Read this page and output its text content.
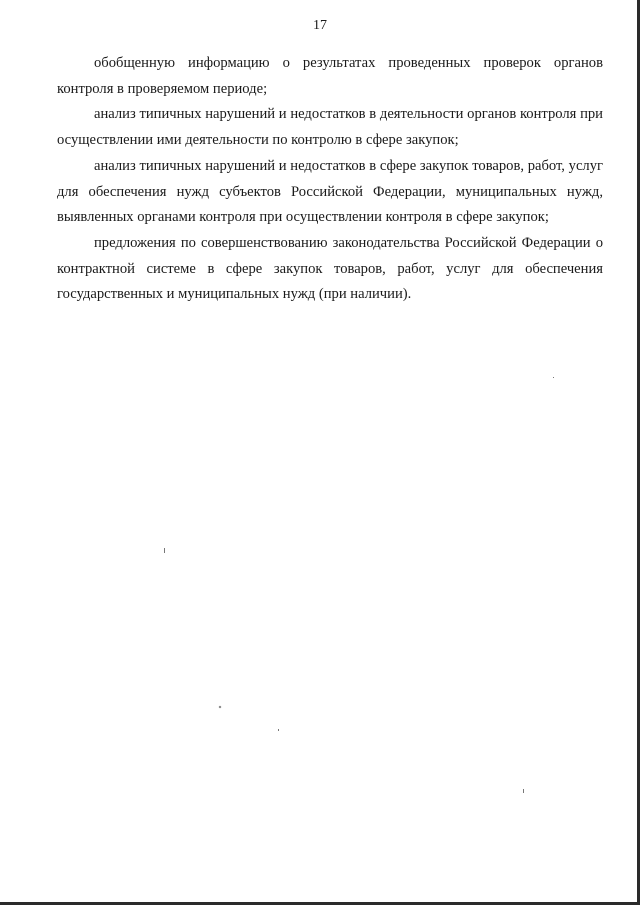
17

обобщенную информацию о результатах проведенных проверок органов контроля в проверяемом периоде;

анализ типичных нарушений и недостатков в деятельности органов контроля при осуществлении ими деятельности по контролю в сфере закупок;

анализ типичных нарушений и недостатков в сфере закупок товаров, работ, услуг для обеспечения нужд субъектов Российской Федерации, муниципальных нужд, выявленных органами контроля при осуществлении контроля в сфере закупок;

предложения по совершенствованию законодательства Российской Федерации о контрактной системе в сфере закупок товаров, работ, услуг для обеспечения государственных и муниципальных нужд (при наличии).
